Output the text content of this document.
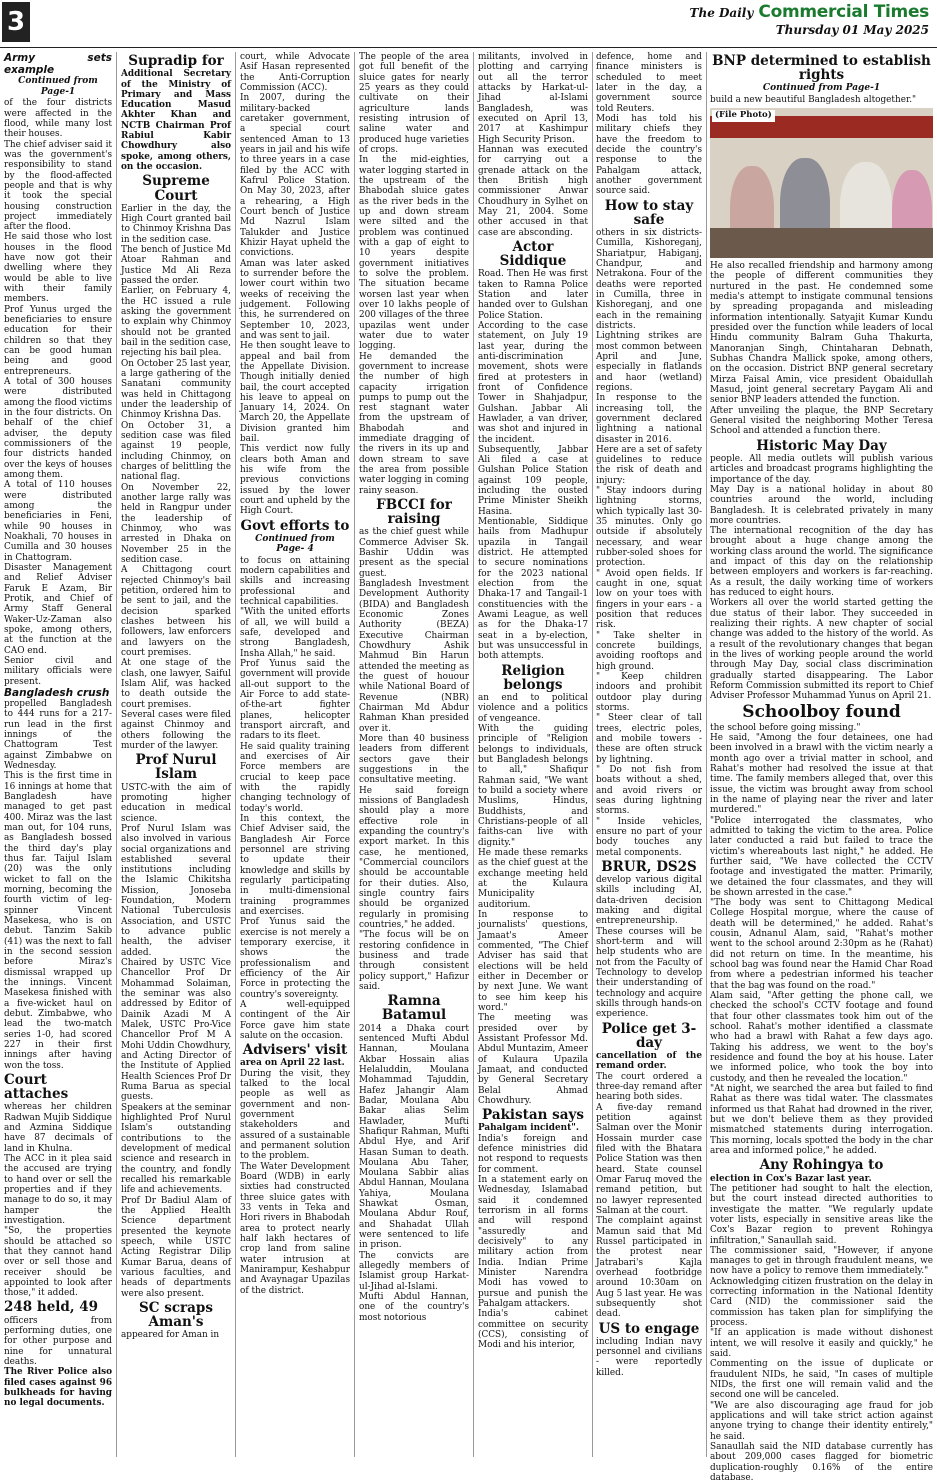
3	The Daily Commercial Times
Thursday 01 May 2025
Army sets example
Continued from Page-1

of the four districts were affected in the flood, while many lost their houses.

The chief adviser said it was the government's responsibility to stand by the flood-affected people and that is why it took the special housing construction project immediately after the flood.

He said those who lost houses in the flood have now got their dwelling where they would be able to live with their family members.

Prof Yunus urged the beneficiaries to ensure education for their children so that they can be good human being and good entrepreneurs.

A total of 300 houses were distributed among the flood victims in the four districts. On behalf of the chief adviser, the deputy commissioners of the four districts handed over the keys of houses among them.

A total of 110 houses were distributed among the beneficiaries in Feni, while 90 houses in Noakhali, 70 houses in Cumilla and 30 houses in Chattogram.

Disaster Management and Relief Adviser Faruk E Azam, Bir Protik, and Chief of Army Staff General Waker-Uz-Zaman also spoke, among others, at the function at the CAO end.

Senior civil and military officials were present.

Bangladesh crush

propelled Bangladesh to 444 runs for a 217-run lead in the first innings of the Chattogram Test against Zimbabwe on Wednesday.

This is the first time in 16 innings at home that Bangladesh have managed to get past 400. Miraz was the last man out, for 104 runs, as Bangladesh bossed the third day's play thus far. Taijul Islam (20) was the only wicket to fall on the morning, becoming the fourth victim of leg-spinner Vincent Masekesa, who is on debut. Tanzim Sakib (41) was the next to fall in the second session before Miraz's dismissal wrapped up the innings. Vincent Masekesa finished with a five-wicket haul on debut. Zimbabwe, who lead the two-match series 1-0, had scored 227 in their first innings after having won the toss.

Court attaches

whereas her children Radwan Mujib Siddique and Azmina Siddique have 87 decimals of land in Khulna.

The ACC in it plea said the accused are trying to hand over or sell the properties and if they manage to do so, it may hamper the investigation.

"So, the properties should be attached so that they cannot hand over or sell those and receiver should be appointed to look after those," it added.

248 held, 49

officers from performing duties, one for other purpose and nine for unnatural deaths.

The River Police also filed cases against 96 bulkheads for having no legal documents.

Supradip for

Additional Secretary of the Ministry of Primary and Mass Education Masud Akhter Khan and NCTB Chairman Prof Rabiul Kabir Chowdhury also spoke, among others, on the occasion.

Supreme Court

Earlier in the day, the High Court granted bail to Chinmoy Krishna Das in the sedition case.

The bench of Justice Md Atoar Rahman and Justice Md Ali Reza passed the order.

Earlier, on February 4, the HC issued a rule asking the government to explain why Chinmoy should not be granted bail in the sedition case, rejecting his bail plea.

On October 25 last year, a large gathering of the Sanatani community was held in Chittagong under the leadership of Chinmoy Krishna Das.

On October 31, a sedition case was filed against 19 people, including Chinmoy, on charges of belittling the national flag.

On November 22, another large rally was held in Rangpur under the leadership of Chinmoy, who was arrested in Dhaka on November 25 in the sedition case.

A Chittagong court rejected Chinmoy's bail petition, ordered him to be sent to jail, and the decision sparked clashes between his followers, law enforcers and lawyers on the court premises.

At one stage of the clash, one lawyer, Saiful Islam Alif, was hacked to death outside the court premises.

Several cases were filed against Chinmoy and others following the murder of the lawyer.

Prof Nurul Islam

USTC-with the aim of promoting higher education in medical science.

Prof Nurul Islam was also involved in various social organizations and established several institutions including the Islamic Chikitsha Mission, Jonoseba Foundation, Modern National Tuberculosis Association, and USTC to advance public health, the adviser added.

Chaired by USTC Vice Chancellor Prof Dr Mohammad Solaiman, the seminar was also addressed by Editor of Dainik Azadi M A Malek, USTC Pro-Vice Chancellor Prof M A Mohi Uddin Chowdhury, and Acting Director of the Institute of Applied Health Sciences Prof Dr Ruma Barua as special guests.

Speakers at the seminar highlighted Prof Nurul Islam's outstanding contributions to the development of medical science and research in the country, and fondly recalled his remarkable life and achievements.

Prof Dr Badiul Alam of the Applied Health Science department presented the keynote speech, while USTC Acting Registrar Dilip Kumar Barua, deans of various faculties, and heads of departments were also present.

SC scraps Aman's

appeared for Aman in

court, while Advocate Asif Hasan represented the Anti-Corruption Commission (ACC).

In 2007, during the military-backed caretaker government, a special court sentenced Aman to 13 years in jail and his wife to three years in a case filed by the ACC with Kafrul Police Station. On May 30, 2023, after a rehearing, a High Court bench of Justice Md Nazrul Islam Talukder and Justice Khizir Hayat upheld the convictions.

Aman was later asked to surrender before the lower court within two weeks of receiving the judgement. Following this, he surrendered on September 10, 2023, and was sent to jail.

He then sought leave to appeal and bail from the Appellate Division. Though initially denied bail, the court accepted his leave to appeal on January 14, 2024. On March 20, the Appellate Division granted him bail.

This verdict now fully clears both Aman and his wife from the previous convictions issued by the lower court and upheld by the High Court.

Govt efforts to
Continued from Page- 4

to focus on attaining modern capabilities and skills and increasing professional and technical capabilities.

"With the united efforts of all, we will build a safe, developed and strong Bangladesh, Insha Allah," he said.

Prof Yunus said the government will provide all-out support to the Air Force to add state-of-the-art fighter planes, helicopter transport aircraft, and radars to its fleet.

He said quality training and exercises of Air Force members are crucial to keep pace with the rapidly changing technology of today's world.

In this context, the Chief Adviser said, the Bangladesh Air Force personnel are striving to update their knowledge and skills by regularly participating in multi-dimensional training programmes and exercises.

Prof Yunus said the exercise is not merely a temporary exercise, it shows the professionalism and efficiency of the Air Force in protecting the country's sovereignty.

A well-equipped contingent of the Air Force gave him state salute on the occasion.

Advisers' visit

area on April 22 last.

During the visit, they talked to the local people as well as government and non-government stakeholders and assured of a sustainable and permanent solution to the problem.

The Water Development Board (WDB) in early sixties had constructed three sluice gates with 33 vents in Teka and Hori rivers in Bhabodah area to protect nearly half lakh hectares of crop land from saline water intrusion at Manirampur, Keshabpur and Avaynagar Upazilas of the district.

The people of the area got full benefit of the sluice gates for nearly 25 years as they could cultivate on their agriculture lands resisting intrusion of saline water and produced huge varieties of crops.

In the mid-eighties, water logging started in the upstream of the Bhabodah sluice gates as the river beds in the up and down stream were silted and the problem was continued with a gap of eight to 10 years despite government initiatives to solve the problem. The situation became worsen last year when over 10 lakhs people of 200 villages of the three upazilas went under water due to water logging.

He demanded the government to increase the number of high capacity irrigation pumps to pump out the rest stagnant water from the upstream of Bhabodah and immediate dragging of the rivers in its up and down stream to save the area from possible water logging in coming rainy season.

FBCCI for raising

as the chief guest while Commerce Adviser Sk. Bashir Uddin was present as the special guest.

Bangladesh Investment Development Authority (BIDA) and Bangladesh Economic Zones Authority (BEZA) Executive Chairman Chowdhury Ashik Mahmud Bin Harun attended the meeting as the guest of houour while National Board of Revenue (NBR) Chairman Md Abdur Rahman Khan presided over it.

More than 40 business leaders from different sectors gave their suggestions in the consultative meeting.

He said foreign missions of Bangladesh should play a more effective role in expanding the country's export market. In this case, he mentioned, "Commercial councilors should be accountable for their duties. Also, single country fairs should be organized regularly in promising countries," he added.

"The focus will be on restoring confidence in business and trade through consistent policy support," Hafizur said.

Ramna Batamul

2014 a Dhaka court sentenced Mufti Abdul Hannan, Moulana Akbar Hossain alias Helaluddin, Moulana Mohammad Tajuddin, Hafez Jahangir Alam Badar, Moulana Abu Bakar alias Selim Hawlader, Mufti Shafiqur Rahman, Mufti Abdul Hye, and Arif Hasan Suman to death. Moulana Abu Taher, Moulana Sabbir alias Abdul Hannan, Moulana Yahiya, Moulana Shawkat Osman, Moulana Abdur Rouf, and Shahadat Ullah were sentenced to life in prison.

The convicts are allegedly members of Islamist group Harkat-ul-Jihad al-Islami.

Mufti Abdul Hannan, one of the country's most notorious

militants, involved in plotting and carrying out all the terror attacks by Harkat-ul-Jihad al-Islami Bangladesh, was executed on April 13, 2017 at Kashimpur High Security Prison.

Hannan was executed for carrying out a grenade attack on the then British high commissioner Anwar Choudhury in Sylhet on May 21, 2004. Some other accused in that case are absconding.

Actor Siddique

Road. Then He was first taken to Ramna Police Station and later handed over to Gulshan Police Station.

According to the case statement, on July 19 last year, during the anti-discrimination movement, shots were fired at protesters in front of Confidence Tower in Shahjadpur, Gulshan. Jabbar Ali Hawlader, a van driver, was shot and injured in the incident.

Subsequently, Jabbar Ali filed a case at Gulshan Police Station against 109 people, including the ousted Prime Minister Sheikh Hasina.

Mentionable, Siddique hails from Madhupur upazila in Tangail district. He attempted to secure nominations for the 2023 national election from the Dhaka-17 and Tangail-1 constituencies with the Awami League, as well as for the Dhaka-17 seat in a by-election, but was unsuccessful in both attempts.

Religion belongs

an end to political violence and a politics of vengeance.

With the guiding principle of "Religion belongs to individuals, but Bangladesh belongs to all," Shafiqur Rahman said, "We want to build a society where Muslims, Hindus, Buddhists, and Christians-people of all faiths-can live with dignity."

He made these remarks as the chief guest at the exchange meeting held at the Kulaura Municipality auditorium.

In response to journalists' questions, Jamaat's Ameer commented, "The Chief Adviser has said that elections will be held either in December or by next June. We want to see him keep his word."

The meeting was presided over by Assistant Professor Md. Abdul Muntazim, Ameer of Kulaura Upazila Jamaat, and conducted by General Secretary Belal Ahmad Chowdhury.

Pakistan says

Pahalgam incident".

India's foreign and defence ministries did not respond to requests for comment.

In a statement early on Wednesday, Islamabad said it condemned terrorism in all forms and will respond "assuredly and decisively" to any military action from India. Indian Prime Minister Narendra Modi has vowed to pursue and punish the Pahalgam attackers.

India's cabinet committee on security (CCS), consisting of Modi and his interior,

defence, home and finance ministers is scheduled to meet later in the day, a government source told Reuters.

Modi has told his military chiefs they have the freedom to decide the country's response to the Pahalgam attack, another government source said.

How to stay safe

others in six districts-Cumilla, Kishoreganj, Shariatpur, Habiganj, Chandpur, and Netrakona. Four of the deaths were reported in Cumilla, three in Kishoreganj, and one each in the remaining districts.

Lightning strikes are most common between April and June, especially in flatlands and haor (wetland) regions.

In response to the increasing toll, the government declared lightning a national disaster in 2016.

Here are a set of safety guidelines to reduce the risk of death and injury:

" Stay indoors during lightning storms, which typically last 30-35 minutes. Only go outside if absolutely necessary, and wear rubber-soled shoes for protection.

" Avoid open fields. If caught in one, squat low on your toes with fingers in your ears - a position that reduces risk.

" Take shelter in concrete buildings, avoiding rooftops and high ground.

" Keep children indoors and prohibit outdoor play during storms.

" Steer clear of tall trees, electric poles, and mobile towers - these are often struck by lightning.

" Do not fish from boats without a shed, and avoid rivers or seas during lightning storms.

" Inside vehicles, ensure no part of your body touches any metal components.

BRUR, DS2S

develop various digital skills including AI, data-driven decision making and digital entrepreneurship.

These courses will be short-term and will help students who are not from the Faculty of Technology to develop their understanding of technology and acquire skills through hands-on experience.

Police get 3-day

cancellation of the remand order.

The court ordered a three-day remand after hearing both sides.

A five-day remand petition against Salman over the Monir Hossain murder case filed with the Bhatara Police Station was then heard. State counsel Omar Faruq moved the remand petition, but no lawyer represented Salman at the court.

The complaint against Mamun said that Md Russel participated in the protest near Jatrabari's Kajla overhead footbridge around 10:30am on Aug 5 last year. He was subsequently shot dead.

US to engage

including Indian navy personnel and civilians - were reportedly killed.

BNP determined to establish rights
Continued from Page-1

build a new beautiful Bangladesh altogether."

(File Photo)

He also recalled friendship and harmony among the people of different communities they nurtured in the past. He condemned some media's attempt to instigate communal tensions by spreading propaganda and misleading information intentionally. Satyajit Kumar Kundu presided over the function while leaders of local Hindu community Balram Guha Thakurta, Manoranjan Singh, Chintaharan Debnath, Subhas Chandra Mallick spoke, among others, on the occasion. District BNP general secretary Mirza Faisal Amin, vice president Obaidullah Masud, joint general secretary Paygam Ali and senior BNP leaders attended the function.

After unveiling the plaque, the BNP Secretary General visited the neighboring Mother Teresa School and attended a function there.

Historic May Day

people. All media outlets will publish various articles and broadcast programs highlighting the importance of the day.

May Day is a national holiday in about 80 countries around the world, including Bangladesh. It is celebrated privately in many more countries.

The international recognition of the day has brought about a huge change among the working class around the world. The significance and impact of this day on the relationship between employers and workers is far-reaching. As a result, the daily working time of workers has reduced to eight hours.

Workers all over the world started getting the due status of their labor. They succeeded in realizing their rights. A new chapter of social change was added to the history of the world. As a result of the revolutionary changes that began in the lives of working people around the world through May Day, social class discrimination gradually started disappearing. The Labor Reform Commission submitted its report to Chief Adviser Professor Muhammad Yunus on April 21.

Schoolboy found

the school before going missing."

He said, "Among the four detainees, one had been involved in a brawl with the victim nearly a month ago over a trivial matter in school, and Rahat's mother had resolved the issue at that time. The family members alleged that, over this issue, the victim was brought away from school in the name of playing near the river and later murdered."

"Police interrogated the classmates, who admitted to taking the victim to the area. Police later conducted a raid but failed to trace the victim's whereabouts last night," he added. He further said, "We have collected the CCTV footage and investigated the matter. Primarily, we detained the four classmates, and they will be shown arrested in the case."

"The body was sent to Chittagong Medical College Hospital morgue, where the cause of death will be determined," he added. Rahat's cousin, Adnanul Alam, said, "Rahat's mother went to the school around 2:30pm as he (Rahat) did not return on time. In the meantime, his school bag was found near the Hamid Char Road from where a pedestrian informed his teacher that the bag was found on the road."

Alam said, "After getting the phone call, we checked the school's CCTV footage and found that four other classmates took him out of the school. Rahat's mother identified a classmate who had a brawl with Rahat a few days ago. Taking his address, we went to the boy's residence and found the boy at his house. Later we informed police, who took the boy into custody, and then he revealed the location."

"At night, we searched the area but failed to find Rahat as there was tidal water. The classmates informed us that Rahat had drowned in the river, but we don't believe them as they provided mismatched statements during interrogation. This morning, locals spotted the body in the char area and informed police," he added.

Any Rohingya to

election in Cox's Bazar last year.

The petitioner had sought to halt the election, but the court instead directed authorities to investigate the matter. "We regularly update voter lists, especially in sensitive areas like the Cox's Bazar region to prevent Rohingya infiltration," Sanaullah said.

The commissioner said, "However, if anyone manages to get in through fraudulent means, we now have a policy to remove them immediately."

Acknowledging citizen frustration on the delay in correcting information in the National Identity Card (NID) the commissioner said the commission has taken plan for simplifying the process.

"If an application is made without dishonest intent, we will resolve it easily and quickly," he said.

Commenting on the issue of duplicate or fraudulent NIDs, he said, "In cases of multiple NIDs, the first one will remain valid and the second one will be canceled.

"We are also discouraging age fraud for job applications and will take strict action against anyone trying to change their identity entirely," he said.

Sanaullah said the NID database currently has about 209,000 cases flagged for biometric duplication-roughly 0.16% of the entire database.
